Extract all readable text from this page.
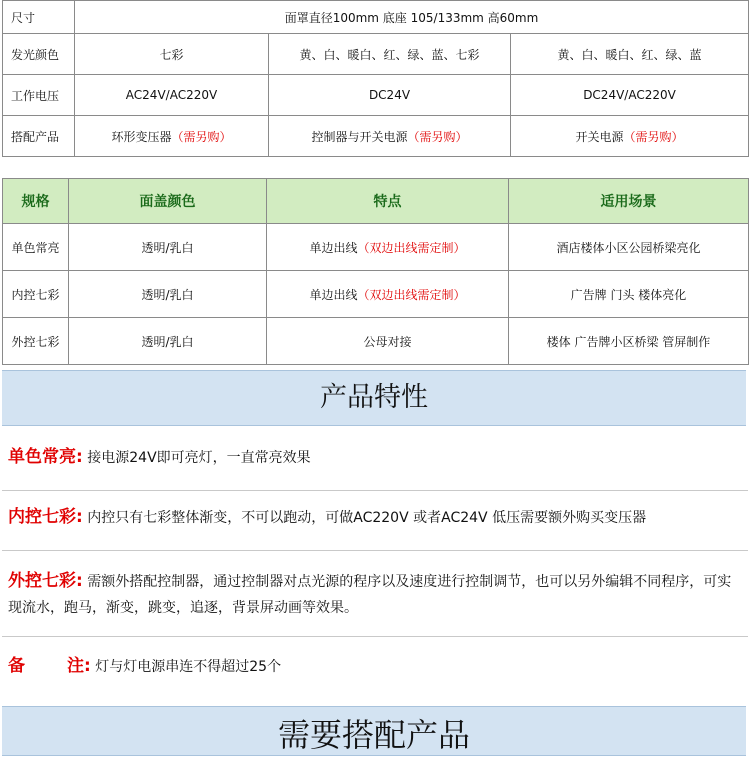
尺寸	面罩直径100mm 底座 105/133mm 高60mm		
发光颜色	七彩	黄、白、暖白、红、绿、蓝、七彩	黄、白、暖白、红、绿、蓝
工作电压	AC24V/AC220V	DC24V	DC24V/AC220V
搭配产品	环形变压器（需另购）	控制器与开关电源（需另购）	开关电源（需另购）
规格	面盖颜色	特点	适用场景
单色常亮	透明/乳白	单边出线（双边出线需定制）	酒店楼体小区公园桥梁亮化
内控七彩	透明/乳白	单边出线（双边出线需定制）	广告牌 门头 楼体亮化
外控七彩	透明/乳白	公母对接	楼体 广告牌小区桥梁 管屏制作
产品特性
单色常亮: 接电源24V即可亮灯，一直常亮效果
内控七彩: 内控只有七彩整体渐变，不可以跑动，可做AC220V 或者AC24V 低压需要额外购买变压器
外控七彩: 需额外搭配控制器，通过控制器对点光源的程序以及速度进行控制调节，也可以另外编辑不同程序，可实现流水，跑马，渐变，跳变，追逐，背景屏动画等效果。
备 注: 灯与灯电源串连不得超过25个
需要搭配产品
